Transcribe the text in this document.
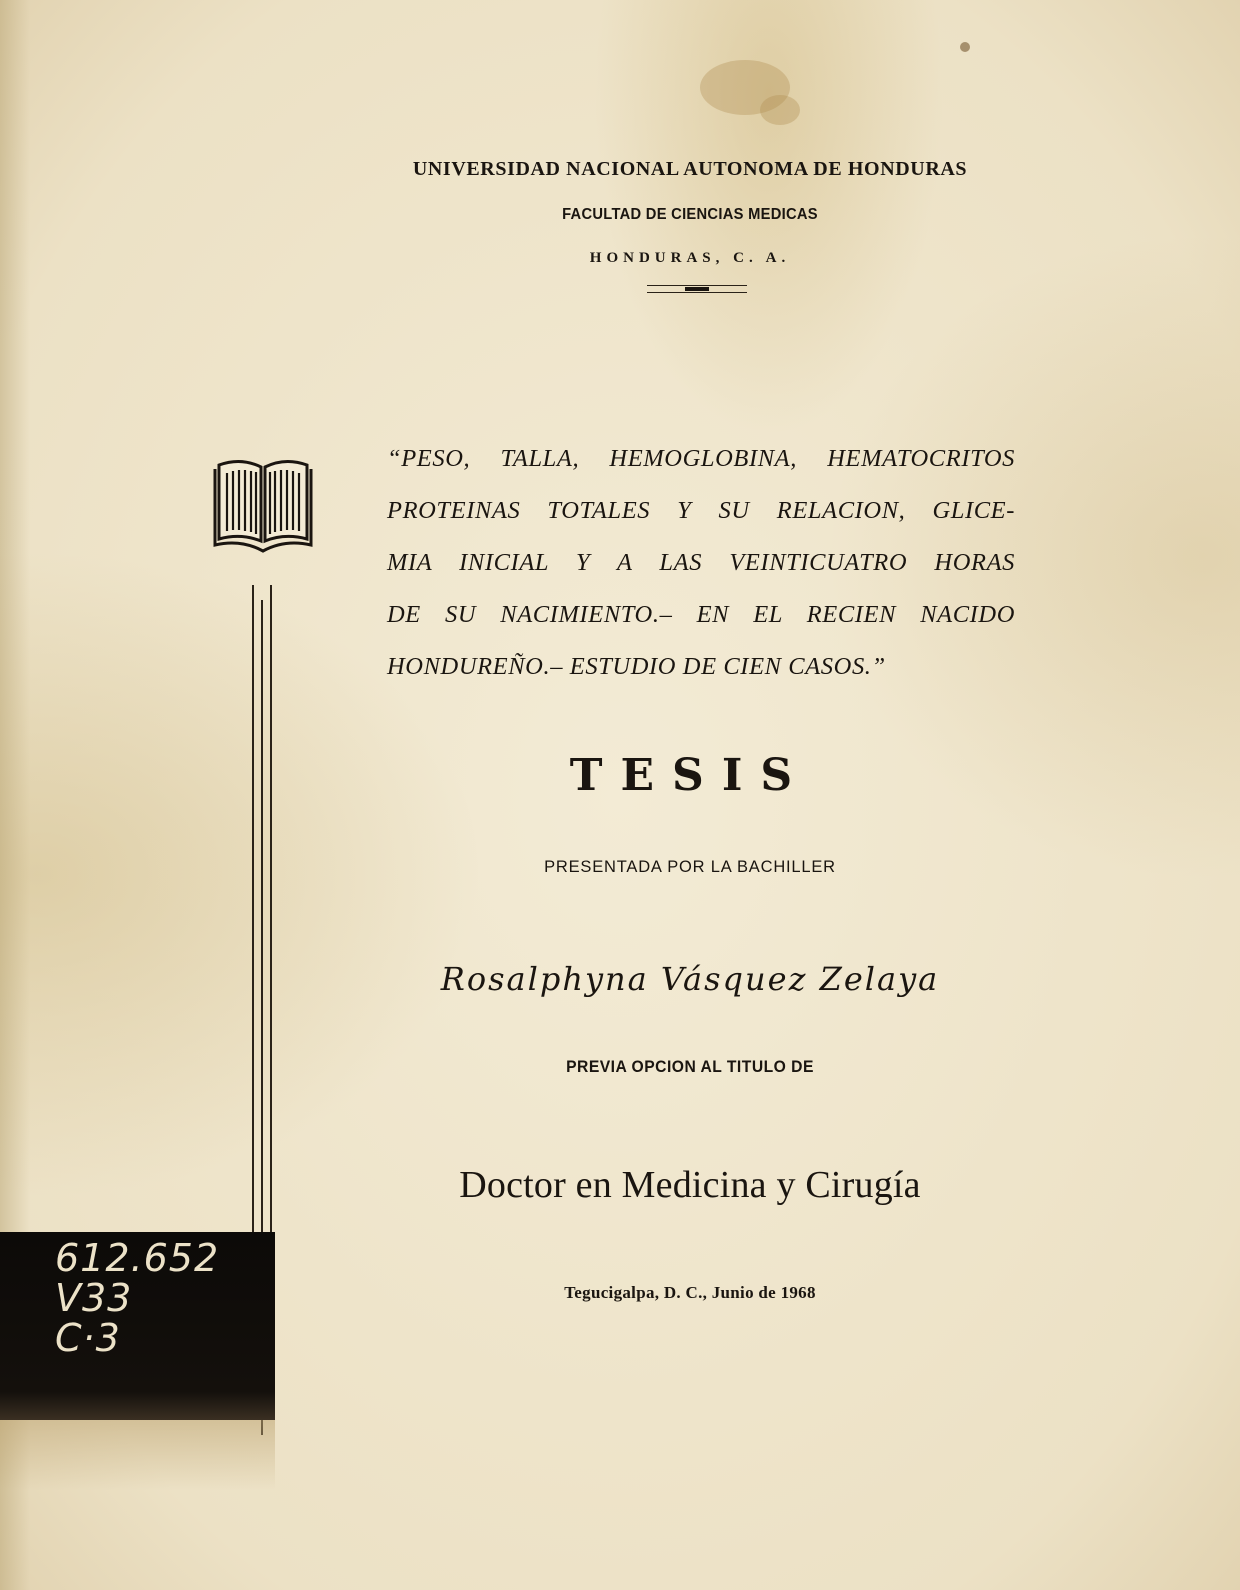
UNIVERSIDAD NACIONAL AUTONOMA DE HONDURAS
FACULTAD DE CIENCIAS MEDICAS
HONDURAS, C. A.
“PESO, TALLA, HEMOGLOBINA, HEMATOCRITOS
PROTEINAS TOTALES Y SU RELACION, GLICE-
MIA INICIAL Y A LAS VEINTICUATRO HORAS
DE SU NACIMIENTO.– EN EL RECIEN NACIDO
HONDUREÑO.– ESTUDIO DE CIEN CASOS.”
TESIS
PRESENTADA POR LA BACHILLER
Rosalphyna Vásquez Zelaya
PREVIA OPCION AL TITULO DE
Doctor en Medicina y Cirugía
Tegucigalpa, D. C., Junio de 1968
612.652
V33
C·3
